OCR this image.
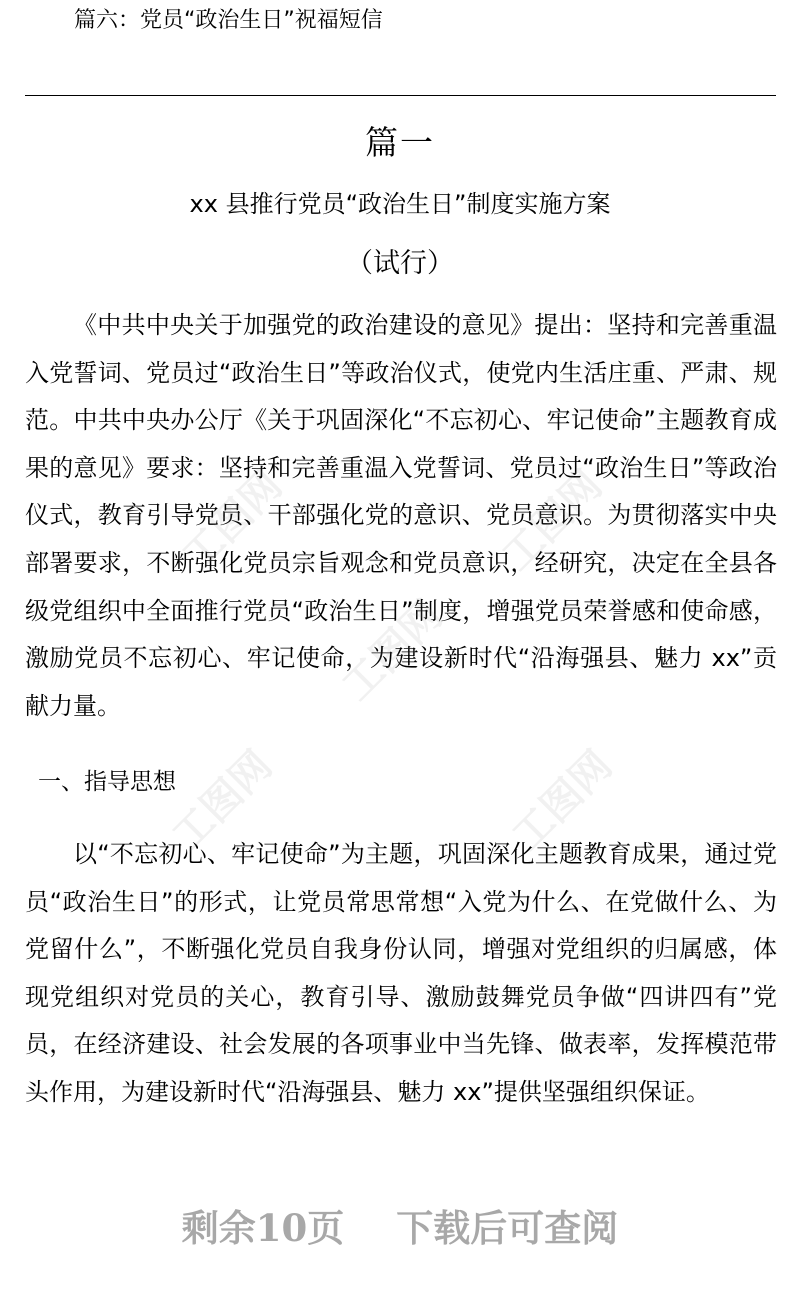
篇六：党员“政治生日”祝福短信
篇一
xx 县推行党员“政治生日”制度实施方案
（试行）

《中共中央关于加强党的政治建设的意见》提出：坚持和完善重温入党誓词、党员过“政治生日”等政治仪式，使党内生活庄重、严肃、规范。中共中央办公厅《关于巩固深化“不忘初心、牢记使命”主题教育成果的意见》要求：坚持和完善重温入党誓词、党员过“政治生日”等政治仪式，教育引导党员、干部强化党的意识、党员意识。为贯彻落实中央部署要求，不断强化党员宗旨观念和党员意识，经研究，决定在全县各级党组织中全面推行党员“政治生日”制度，增强党员荣誉感和使命感，激励党员不忘初心、牢记使命，为建设新时代“沿海强县、魅力 xx”贡献力量。

一、指导思想

以“不忘初心、牢记使命”为主题，巩固深化主题教育成果，通过党员“政治生日”的形式，让党员常思常想“入党为什么、在党做什么、为党留什么”，不断强化党员自我身份认同，增强对党组织的归属感，体现党组织对党员的关心，教育引导、激励鼓舞党员争做“四讲四有”党员，在经济建设、社会发展的各项事业中当先锋、做表率，发挥模范带头作用，为建设新时代“沿海强县、魅力 xx”提供坚强组织保证。

工图网	工图网
工图网
工图网	工图网
剩余10页 下载后可查阅
